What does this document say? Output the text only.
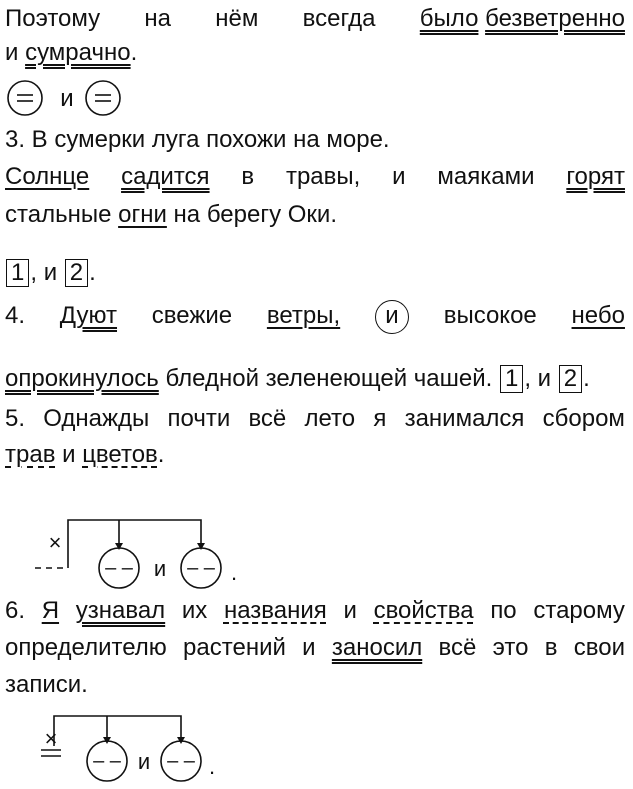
Поэтому на нём всегда было безветренно
и сумрачно.
и
3. В сумерки луга похожи на море.
Солнце садится в травы, и маяками горят
стальные огни на берегу Оки.
1 , и 2 .
4. Дуют свежие ветры,	и	высокое небо
опрокинулось бледной зеленеющей чашей. 1 , и 2 .
5. Однажды почти всё лето я занимался сбором
трав и цветов.
×
– – и – – .
6. Я узнавал их названия и свойства по старому
определителю растений и заносил всё это в свои
записи.
×
– – и – – .
